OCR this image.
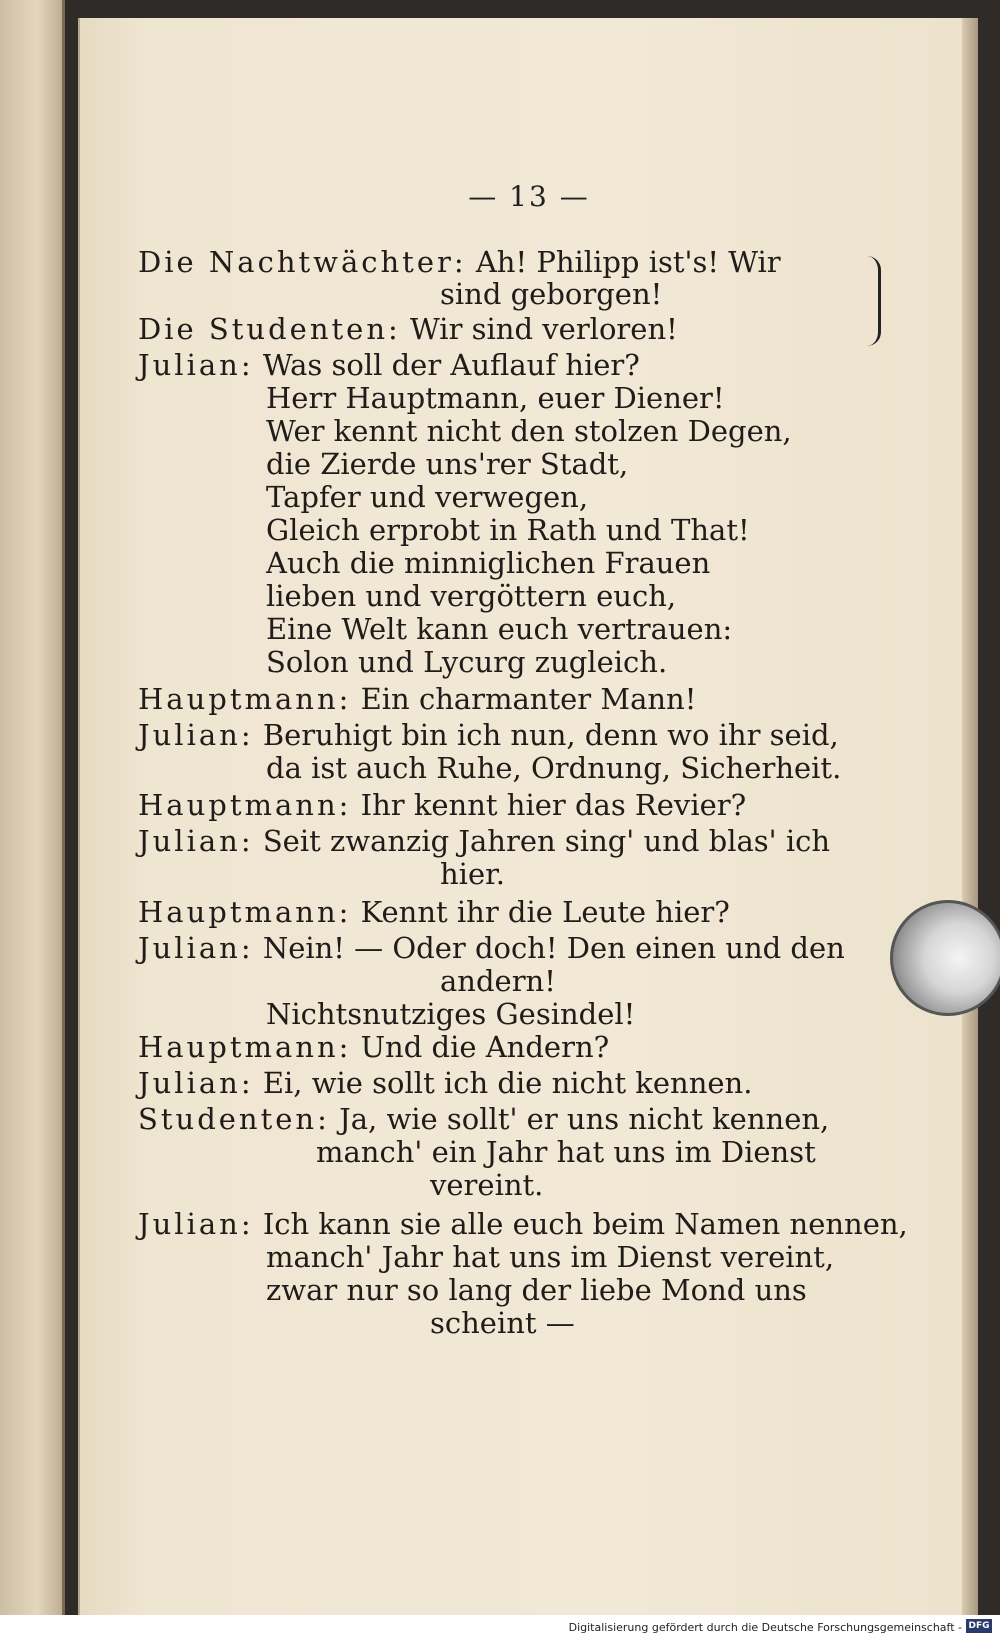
— 13 —
Die Nachtwächter: Ah! Philipp ist's! Wir
sind geborgen!
Die Studenten: Wir sind verloren!
Julian: Was soll der Auflauf hier?
Herr Hauptmann, euer Diener!
Wer kennt nicht den stolzen Degen,
die Zierde uns'rer Stadt,
Tapfer und verwegen,
Gleich erprobt in Rath und That!
Auch die minniglichen Frauen
lieben und vergöttern euch,
Eine Welt kann euch vertrauen:
Solon und Lycurg zugleich.
Hauptmann: Ein charmanter Mann!
Julian: Beruhigt bin ich nun, denn wo ihr seid,
da ist auch Ruhe, Ordnung, Sicherheit.
Hauptmann: Ihr kennt hier das Revier?
Julian: Seit zwanzig Jahren sing' und blas' ich
hier.
Hauptmann: Kennt ihr die Leute hier?
Julian: Nein! — Oder doch! Den einen und den
andern!
Nichtsnutziges Gesindel!
Hauptmann: Und die Andern?
Julian: Ei, wie sollt ich die nicht kennen.
Studenten: Ja, wie sollt' er uns nicht kennen,
manch' ein Jahr hat uns im Dienst
vereint.
Julian: Ich kann sie alle euch beim Namen nennen,
manch' Jahr hat uns im Dienst vereint,
zwar nur so lang der liebe Mond uns
scheint —
Digitalisierung gefördert durch die Deutsche Forschungsgemeinschaft - DFG
